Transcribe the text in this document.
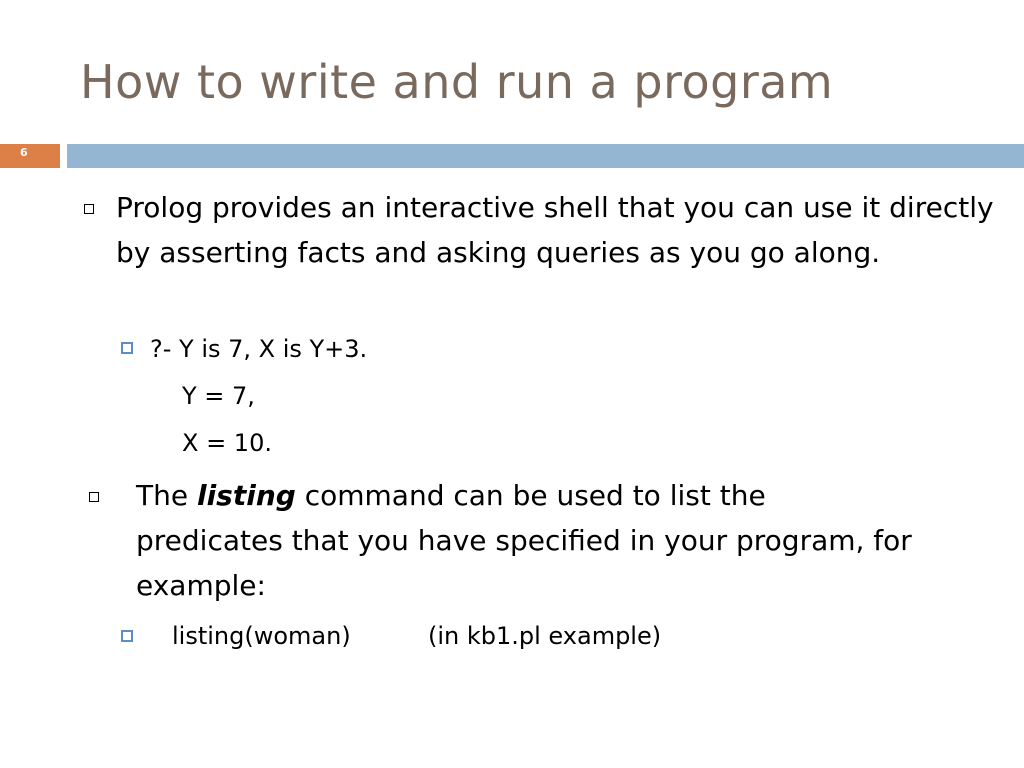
How to write and run a program
6
Prolog provides an interactive shell that you can use it directly by asserting facts and asking queries as you go along.
?- Y is 7, X is Y+3.
Y = 7,
X = 10.
The listing command can be used to list the predicates that you have specified in your program, for example:
listing(woman)	(in kb1.pl example)
